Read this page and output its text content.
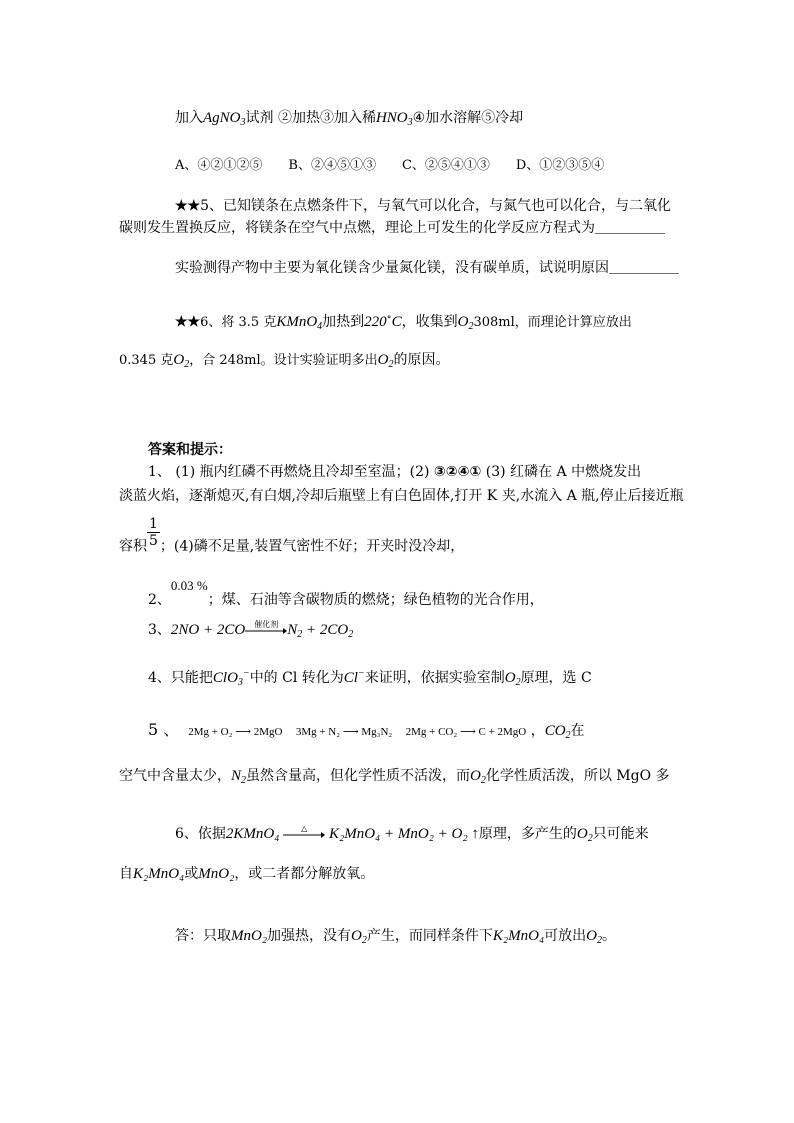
加入AgNO$_3$试剂 ②加热③加入稀$HNO_3④$加水溶解⑤冷却
A、④②①②⑤　　B、②④⑤①③　　C、②⑤④①③　　D、①②③⑤④
★★5、已知镁条在点燃条件下，与氧气可以化合，与氮气也可以化合，与二氧化
碳则发生置换反应，将镁条在空气中点燃，理论上可发生的化学反应方程式为＿＿＿＿＿
实验测得产物中主要为氧化镁含少量氮化镁，没有碳单质，试说明原因＿＿＿＿＿
★★6、将 3.5 克KMnO$_4$加热到220∘C，收集到$O_2308ml$，而理论计算应放出
0.345 克$O_2$，合 248ml。设计实验证明多出$O_2$的原因。
答案和提示：
1、 (1) 瓶内红磷不再燃烧且冷却至室温；(2) ③②④① (3) 红磷在 A 中燃烧发出
淡蓝火焰，逐渐熄灭,有白烟,冷却后瓶壁上有白色固体,打开 K 夹,水流入 A 瓶,停止后接近瓶
容积 $\frac{1}{5}$ ；(4)磷不足量,装置气密性不好；开夹时没冷却，
2、0.03 %；煤、石油等含碳物质的燃烧；绿色植物的光合作用，
3、2NO + 2CO	催化剂 $N_2 + 2CO_2$
4、只能把ClO$_3$−中的 Cl 转化为Cl−来证明，依据实验室制$O_2$原理，选 C
5 、 2Mg + O₂ ⟶ 2MgO 3Mg + N₂ ⟶ Mg₃N₂ 2Mg + CO₂ ⟶ C + 2MgO ，$CO_2$在
空气中含量太少，$N_2$虽然含量高，但化学性质不活泼，而$O_2$化学性质活泼，所以 MgO 多
6、依据2KMnO₄	△	K₂MnO₄ + MnO₂ + O₂ ↑原理，多产生的$O_2$只可能来
自K₂MnO₄或MnO₂，或二者都分解放氧。
答：只取MnO₂加强热，没有$O_2$产生，而同样条件下K₂MnO₄可放出$O_2$。
